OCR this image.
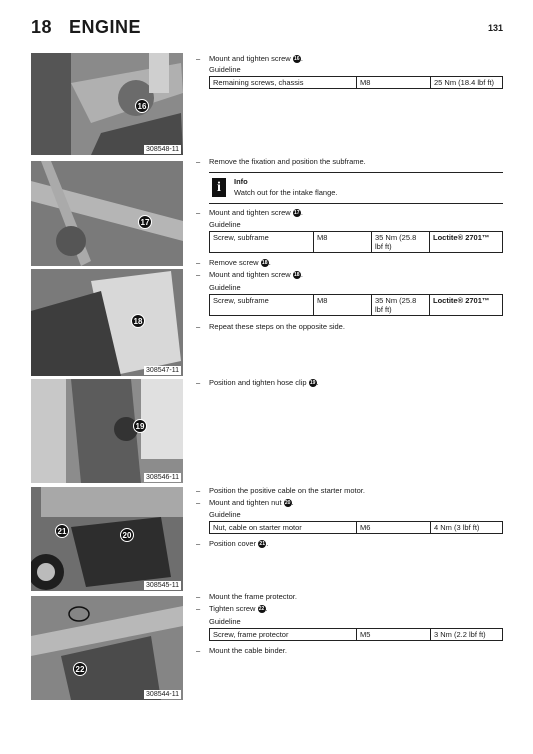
18 ENGINE	131
16
308548-11
17
18
308547-11
19
308546-11
21	20
308545-11
22
308544-11
– Mount and tighten screw 16.
Guideline
Remaining screws, chassis	M8	25 Nm (18.4 lbf ft)
– Remove the fixation and position the subframe.
i	Info
Watch out for the intake flange.
– Mount and tighten screw 17.
Guideline
Screw, subframe	M8	35 Nm (25.8 lbf ft)	Loctite® 2701™
– Remove screw 18.
– Mount and tighten screw 18.
Guideline
Screw, subframe	M8	35 Nm (25.8 lbf ft)	Loctite® 2701™
– Repeat these steps on the opposite side.
– Position and tighten hose clip 19.
– Position the positive cable on the starter motor.
– Mount and tighten nut 20.
Guideline
Nut, cable on starter motor	M6	4 Nm (3 lbf ft)
– Position cover 21.
– Mount the frame protector.
– Tighten screw 22.
Guideline
Screw, frame protector	M5	3 Nm (2.2 lbf ft)
– Mount the cable binder.
